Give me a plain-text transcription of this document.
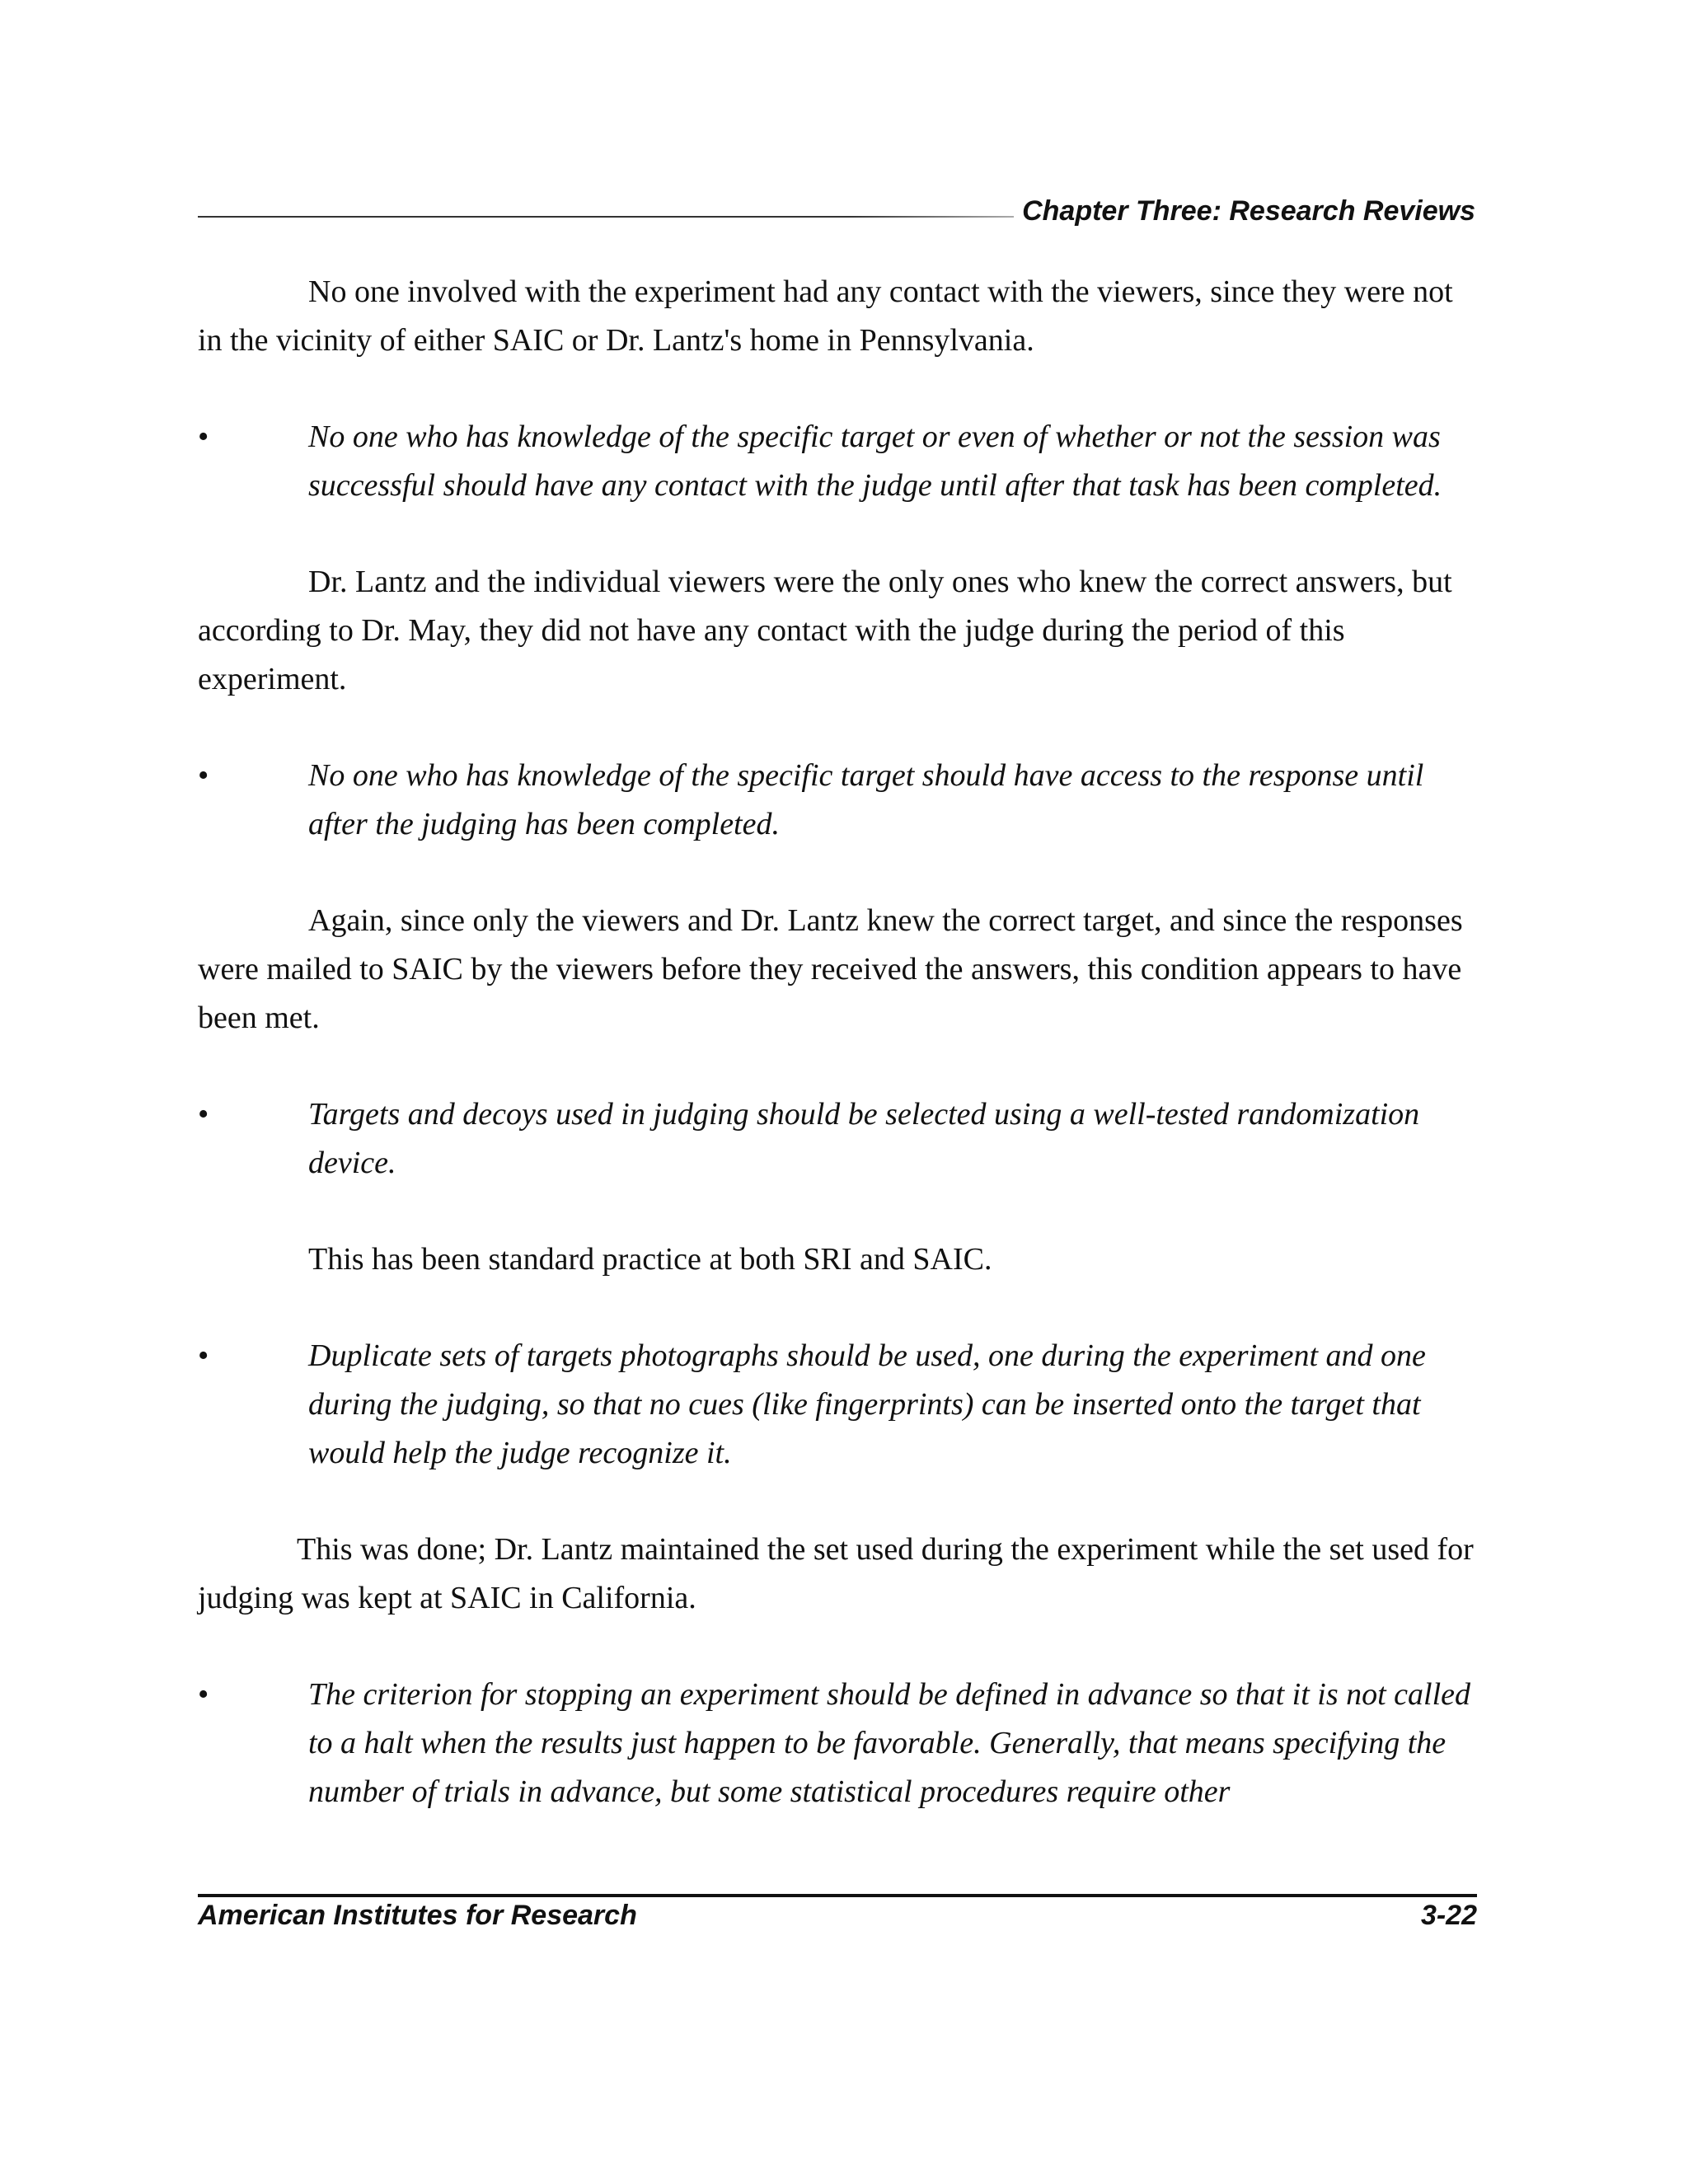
Chapter Three: Research Reviews

No one involved with the experiment had any contact with the viewers, since they were not in the vicinity of either SAIC or Dr. Lantz's home in Pennsylvania.

•	No one who has knowledge of the specific target or even of whether or not the session was successful should have any contact with the judge until after that task has been completed.

Dr. Lantz and the individual viewers were the only ones who knew the correct answers, but according to Dr. May, they did not have any contact with the judge during the period of this experiment.

•	No one who has knowledge of the specific target should have access to the response until after the judging has been completed.

Again, since only the viewers and Dr. Lantz knew the correct target, and since the responses were mailed to SAIC by the viewers before they received the answers, this condition appears to have been met.

•	Targets and decoys used in judging should be selected using a well-tested randomization device.

This has been standard practice at both SRI and SAIC.

•	Duplicate sets of targets photographs should be used, one during the experiment and one during the judging, so that no cues (like fingerprints) can be inserted onto the target that would help the judge recognize it.

This was done; Dr. Lantz maintained the set used during the experiment while the set used for judging was kept at SAIC in California.

•	The criterion for stopping an experiment should be defined in advance so that it is not called to a halt when the results just happen to be favorable. Generally, that means specifying the number of trials in advance, but some statistical procedures require other
American Institutes for Research	3-22
